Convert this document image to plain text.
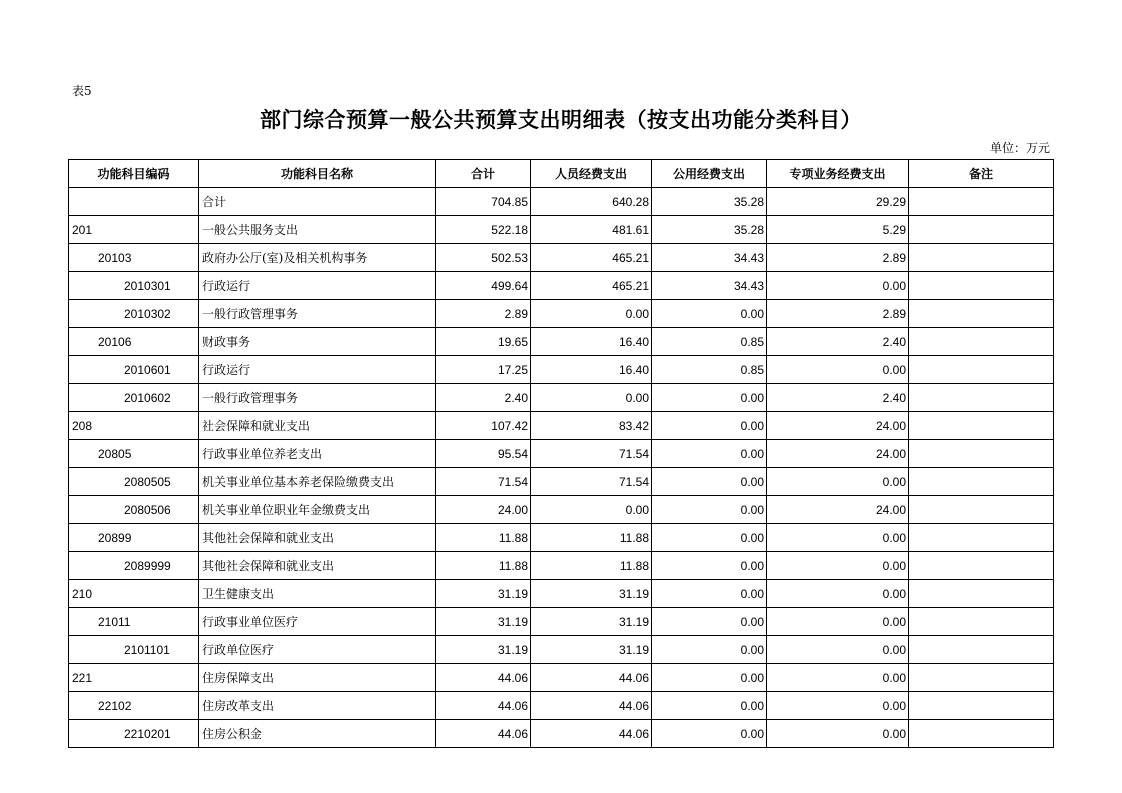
表5
部门综合预算一般公共预算支出明细表（按支出功能分类科目）
单位：万元
功能科目编码	功能科目名称	合计	人员经费支出	公用经费支出	专项业务经费支出	备注
	合计	704.85	640.28	35.28	29.29	
201	一般公共服务支出	522.18	481.61	35.28	5.29	
20103	政府办公厅(室)及相关机构事务	502.53	465.21	34.43	2.89	
2010301	行政运行	499.64	465.21	34.43	0.00	
2010302	一般行政管理事务	2.89	0.00	0.00	2.89	
20106	财政事务	19.65	16.40	0.85	2.40	
2010601	行政运行	17.25	16.40	0.85	0.00	
2010602	一般行政管理事务	2.40	0.00	0.00	2.40	
208	社会保障和就业支出	107.42	83.42	0.00	24.00	
20805	行政事业单位养老支出	95.54	71.54	0.00	24.00	
2080505	机关事业单位基本养老保险缴费支出	71.54	71.54	0.00	0.00	
2080506	机关事业单位职业年金缴费支出	24.00	0.00	0.00	24.00	
20899	其他社会保障和就业支出	11.88	11.88	0.00	0.00	
2089999	其他社会保障和就业支出	11.88	11.88	0.00	0.00	
210	卫生健康支出	31.19	31.19	0.00	0.00	
21011	行政事业单位医疗	31.19	31.19	0.00	0.00	
2101101	行政单位医疗	31.19	31.19	0.00	0.00	
221	住房保障支出	44.06	44.06	0.00	0.00	
22102	住房改革支出	44.06	44.06	0.00	0.00	
2210201	住房公积金	44.06	44.06	0.00	0.00	
